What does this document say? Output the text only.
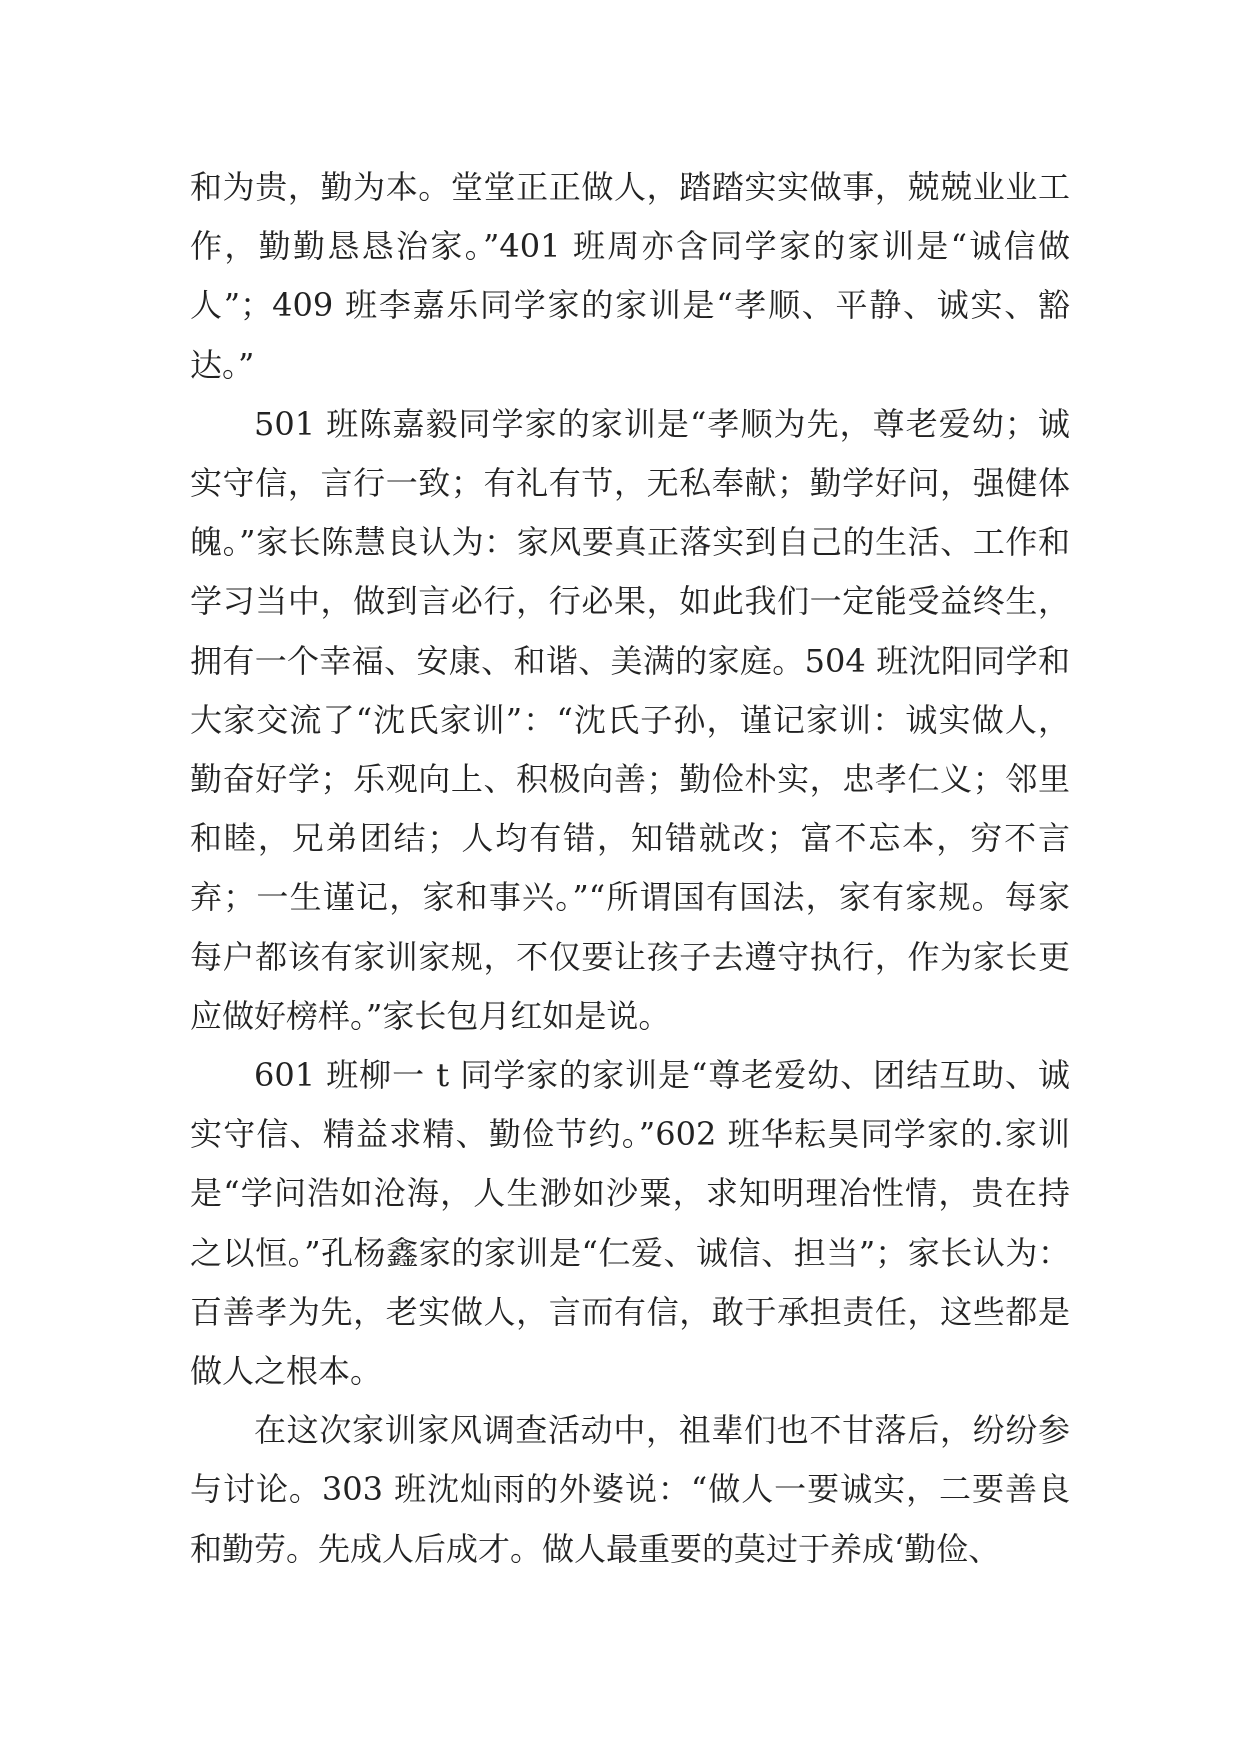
和为贵，勤为本。堂堂正正做人，踏踏实实做事，兢兢业业工作，勤勤恳恳治家。”401 班周亦含同学家的家训是“诚信做人”；409 班李嘉乐同学家的家训是“孝顺、平静、诚实、豁达。”

501 班陈嘉毅同学家的家训是“孝顺为先，尊老爱幼；诚实守信，言行一致；有礼有节，无私奉献；勤学好问，强健体魄。”家长陈慧良认为：家风要真正落实到自己的生活、工作和学习当中，做到言必行，行必果，如此我们一定能受益终生，拥有一个幸福、安康、和谐、美满的家庭。504 班沈阳同学和大家交流了“沈氏家训”：“沈氏子孙，谨记家训：诚实做人，勤奋好学；乐观向上、积极向善；勤俭朴实，忠孝仁义；邻里和睦，兄弟团结；人均有错，知错就改；富不忘本，穷不言弃；一生谨记，家和事兴。”“所谓国有国法，家有家规。每家每户都该有家训家规，不仅要让孩子去遵守执行，作为家长更应做好榜样。”家长包月红如是说。

601 班柳一 t 同学家的家训是“尊老爱幼、团结互助、诚实守信、精益求精、勤俭节约。”602 班华耘昊同学家的.家训是“学问浩如沧海，人生渺如沙粟，求知明理冶性情，贵在持之以恒。”孔杨鑫家的家训是“仁爱、诚信、担当”；家长认为：百善孝为先，老实做人，言而有信，敢于承担责任，这些都是做人之根本。

在这次家训家风调查活动中，祖辈们也不甘落后，纷纷参与讨论。303 班沈灿雨的外婆说：“做人一要诚实，二要善良和勤劳。先成人后成才。做人最重要的莫过于养成‘勤俭、
